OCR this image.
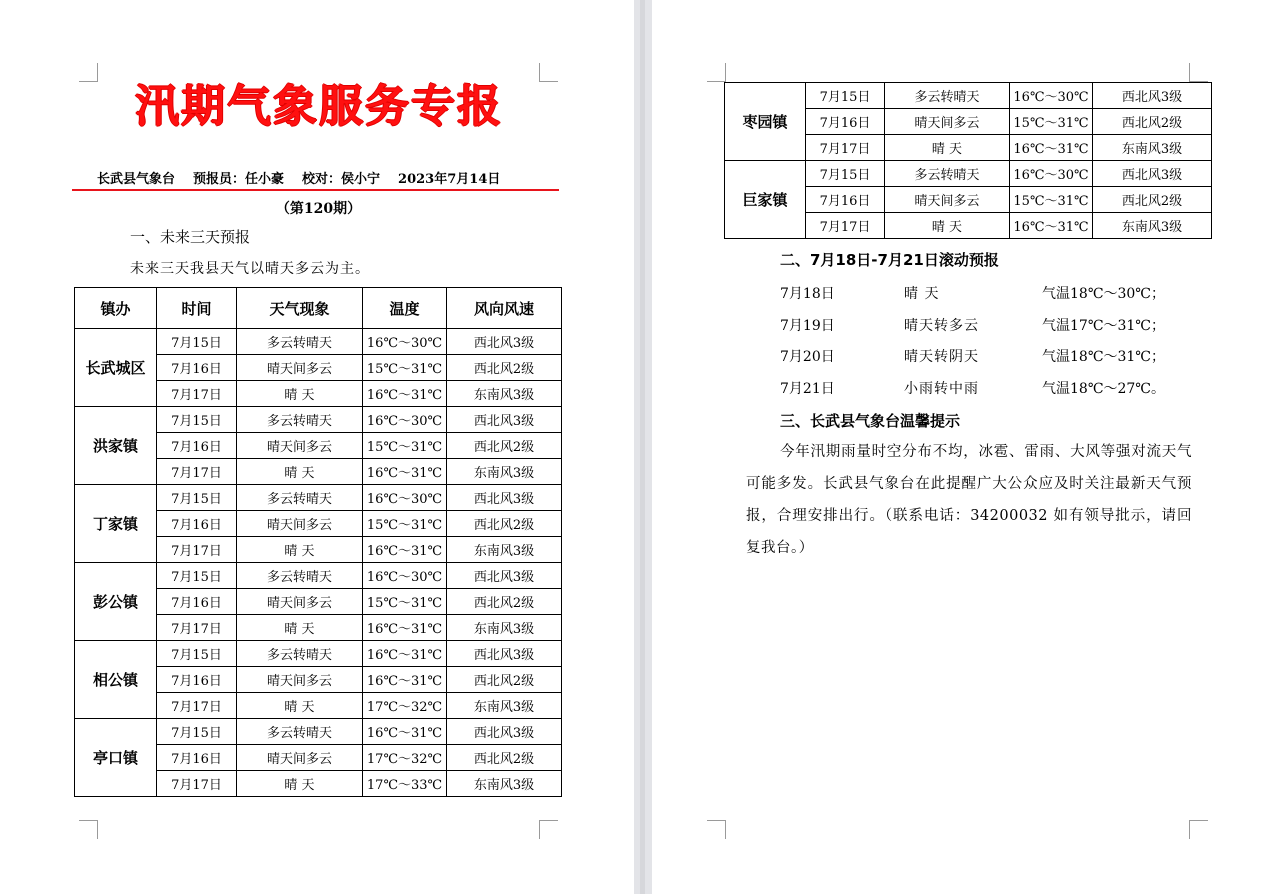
汛期气象服务专报
长武县气象台 预报员：任小豪 校对：侯小宁 2023年7月14日
（第120期）
一、未来三天预报
未来三天我县天气以晴天多云为主。
镇办	时间	天气现象	温度	风向风速
长武城区	7月15日	多云转晴天	16℃～30℃	西北风3级
	7月16日	晴天间多云	15℃～31℃	西北风2级
	7月17日	晴 天	16℃～31℃	东南风3级
洪家镇	7月15日	多云转晴天	16℃～30℃	西北风3级
	7月16日	晴天间多云	15℃～31℃	西北风2级
	7月17日	晴 天	16℃～31℃	东南风3级
丁家镇	7月15日	多云转晴天	16℃～30℃	西北风3级
	7月16日	晴天间多云	15℃～31℃	西北风2级
	7月17日	晴 天	16℃～31℃	东南风3级
彭公镇	7月15日	多云转晴天	16℃～30℃	西北风3级
	7月16日	晴天间多云	15℃～31℃	西北风2级
	7月17日	晴 天	16℃～31℃	东南风3级
相公镇	7月15日	多云转晴天	16℃～31℃	西北风3级
	7月16日	晴天间多云	16℃～31℃	西北风2级
	7月17日	晴 天	17℃～32℃	东南风3级
亭口镇	7月15日	多云转晴天	16℃～31℃	西北风3级
	7月16日	晴天间多云	17℃～32℃	西北风2级
	7月17日	晴 天	17℃～33℃	东南风3级
枣园镇	7月15日	多云转晴天	16℃～30℃	西北风3级
	7月16日	晴天间多云	15℃～31℃	西北风2级
	7月17日	晴 天	16℃～31℃	东南风3级
巨家镇	7月15日	多云转晴天	16℃～30℃	西北风3级
	7月16日	晴天间多云	15℃～31℃	西北风2级
	7月17日	晴 天	16℃～31℃	东南风3级
二、7月18日-7月21日滚动预报
7月18日	晴 天	气温18℃～30℃；
7月19日	晴天转多云	气温17℃～31℃；
7月20日	晴天转阴天	气温18℃～31℃；
7月21日	小雨转中雨	气温18℃～27℃。
三、长武县气象台温馨提示
今年汛期雨量时空分布不均，冰雹、雷雨、大风等强对流天气可能多发。长武县气象台在此提醒广大公众应及时关注最新天气预报，合理安排出行。（联系电话：34200032 如有领导批示，请回复我台。）
